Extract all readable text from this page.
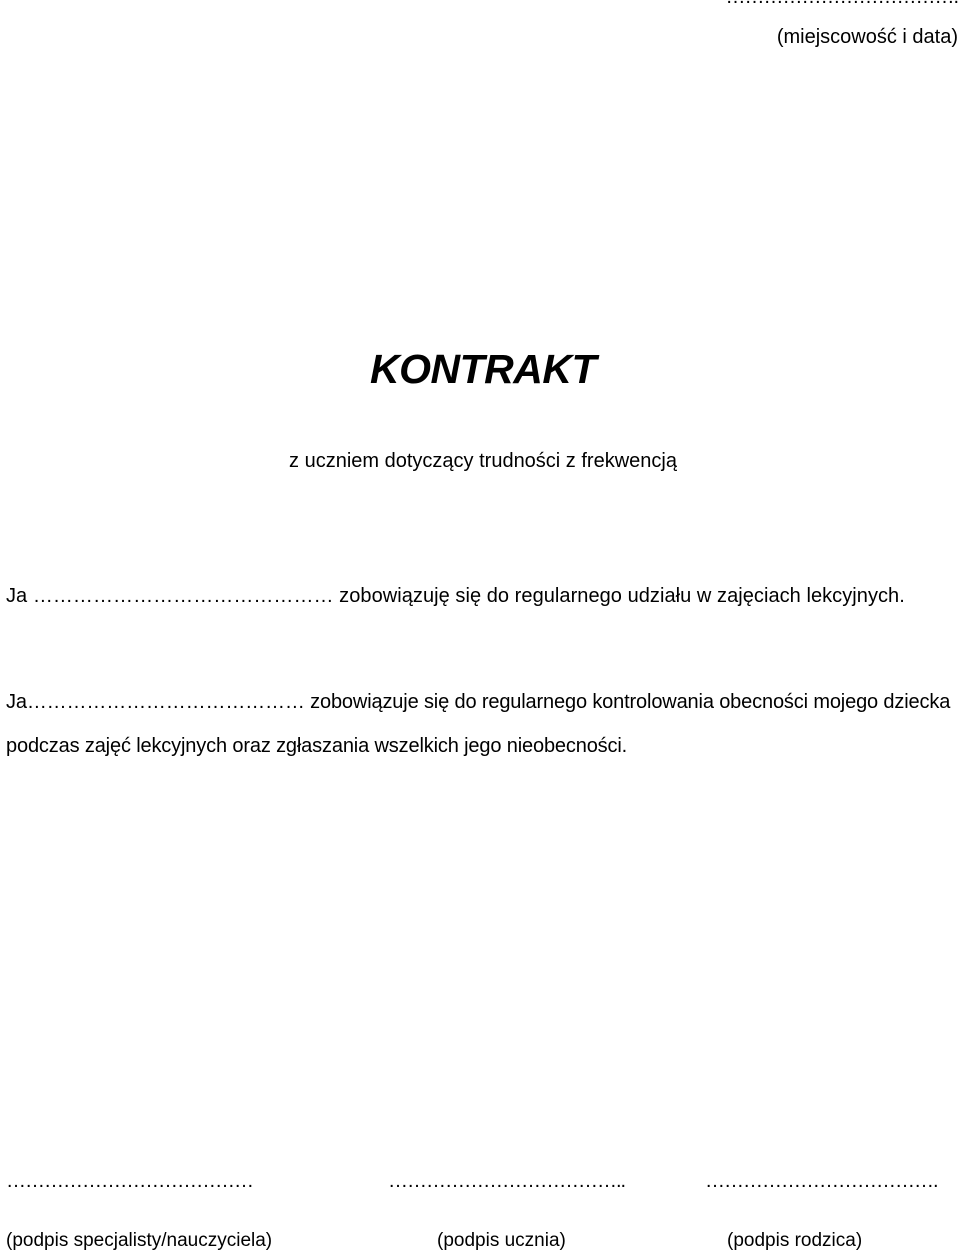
(miejscowość i data)
KONTRAKT
z uczniem dotyczący trudności z frekwencją
Ja ……………………………………… zobowiązuję się do regularnego udziału w zajęciach lekcyjnych.
Ja…………………………………… zobowiązuje się do regularnego kontrolowania obecności mojego dziecka podczas zajęć lekcyjnych oraz zgłaszania wszelkich jego nieobecności.
…………………………………	………………………………..	……………………………….
(podpis specjalisty/nauczyciela)	(podpis ucznia)	(podpis rodzica)
